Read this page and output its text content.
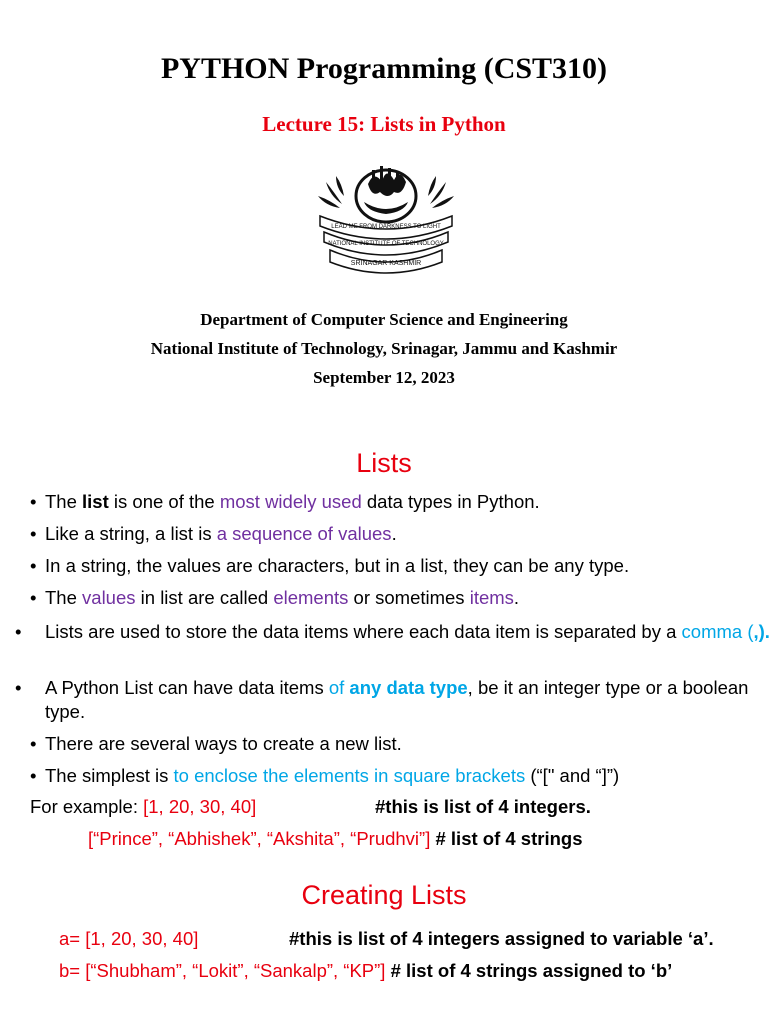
PYTHON Programming (CST310)
Lecture 15: Lists in Python
LEAD ME FROM DARKNESS TO LIGHT
NATIONAL INSTITUTE OF TECHNOLOGY
SRINAGAR KASHMIR
Department of Computer Science and Engineering
National Institute of Technology, Srinagar, Jammu and Kashmir
September 12, 2023
Lists
• The list is one of the most widely used data types in Python.
• Like a string, a list is a sequence of values.
• In a string, the values are characters, but in a list, they can be any type.
• The values in list are called elements or sometimes items.
• Lists are used to store the data items where each data item is separated by a comma (,).
• A Python List can have data items of any data type, be it an integer type or a boolean type.
• There are several ways to create a new list.
• The simplest is to enclose the elements in square brackets (“[" and “]”)
For example: [1, 20, 30, 40]	#this is list of 4 integers.
[“Prince”, “Abhishek”, “Akshita”, “Prudhvi”] # list of 4 strings
Creating Lists
a= [1, 20, 30, 40]	#this is list of 4 integers assigned to variable ‘a’.
b= [“Shubham”, “Lokit”, “Sankalp”, “KP”] # list of 4 strings assigned to ‘b’
